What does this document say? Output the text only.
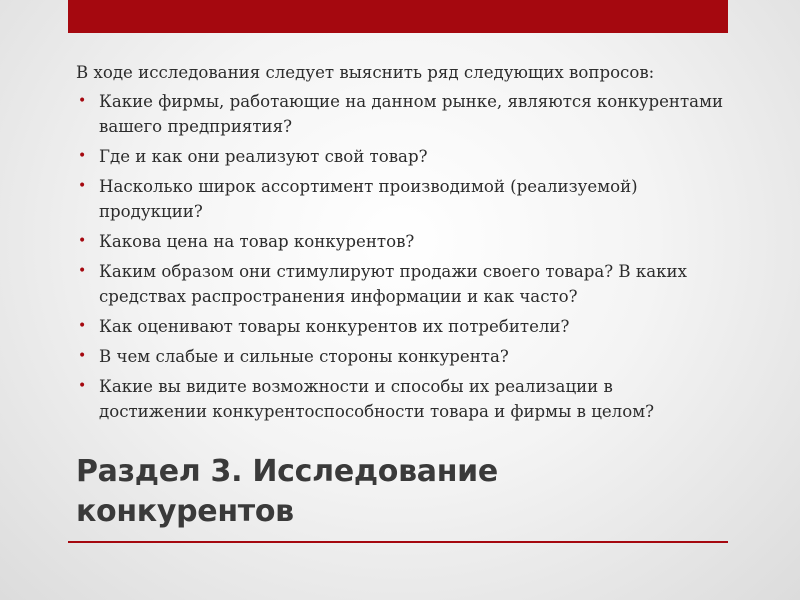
В ходе исследования следует выяснить ряд следующих вопросов:

• Какие фирмы, работающие на данном рынке, являются конкурентами вашего предприятия?
• Где и как они реализуют свой товар?
• Насколько широк ассортимент производимой (реализуемой) продукции?
• Какова цена на товар конкурентов?
• Каким образом они стимулируют продажи своего товара? В каких средствах распространения информации и как часто?
• Как оценивают товары конкурентов их потребители?
• В чем слабые и сильные стороны конкурента?
• Какие вы видите возможности и способы их реализации в достижении конкурентоспособности товара и фирмы в целом?
Раздел 3. Исследование
конкурентов
